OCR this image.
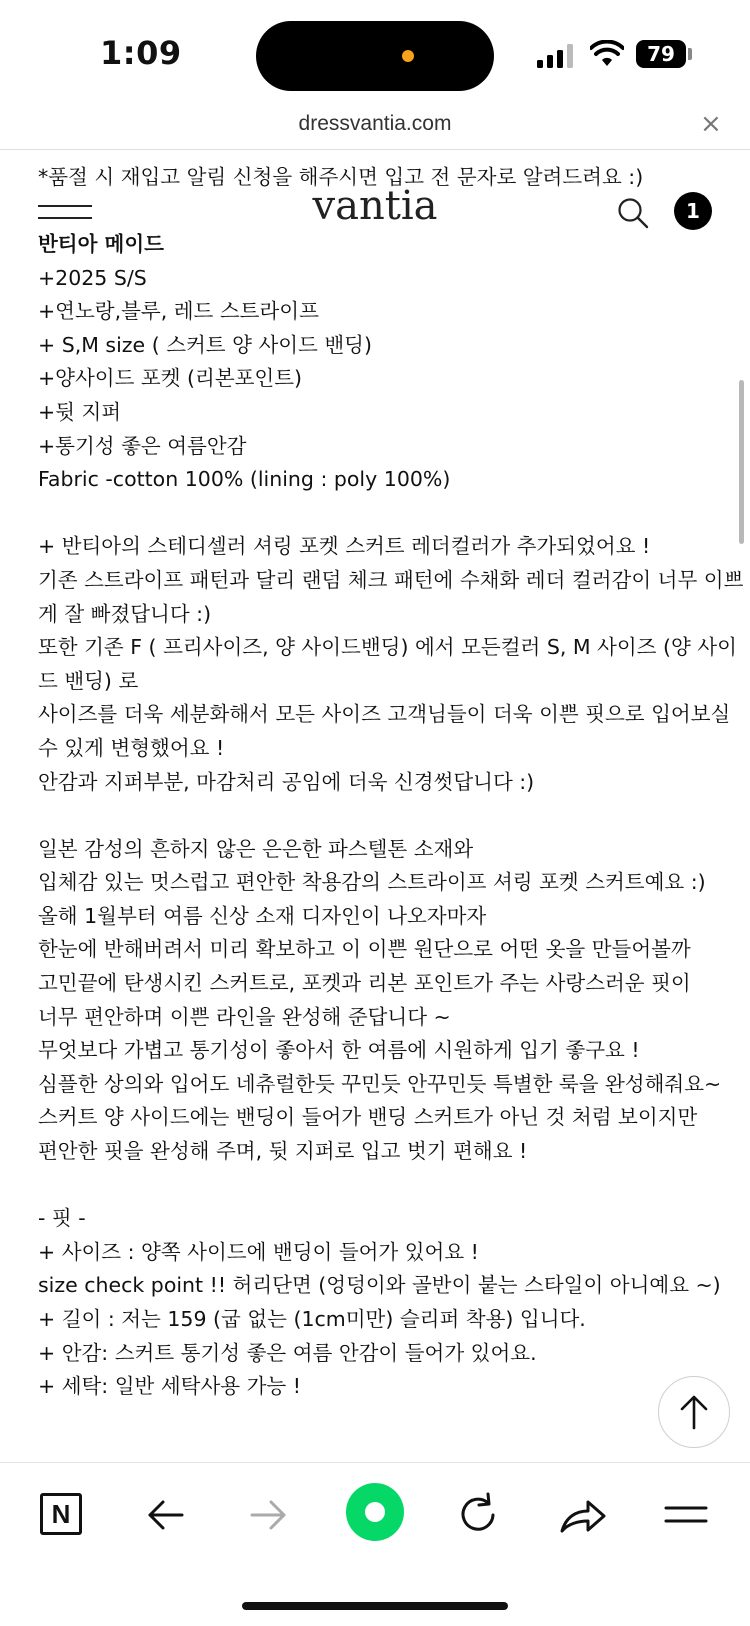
1:09	79
dressvantia.com	×
*품절 시 재입고 알림 신청을 해주시면 입고 전 문자로 알려드려요 :)
반티아 메이드
+2025 S/S
+연노랑,블루, 레드 스트라이프
+ S,M size ( 스커트 양 사이드 밴딩)
+양사이드 포켓 (리본포인트)
+뒷 지퍼
+통기성 좋은 여름안감
Fabric -cotton 100% (lining : poly 100%)
+ 반티아의 스테디셀러 셔링 포켓 스커트 레더컬러가 추가되었어요 !
기존 스트라이프 패턴과 달리 랜덤 체크 패턴에 수채화 레더 컬러감이 너무 이쁘
게 잘 빠졌답니다 :)
또한 기존 F ( 프리사이즈, 양 사이드밴딩) 에서 모든컬러 S, M 사이즈 (양 사이
드 밴딩) 로
사이즈를 더욱 세분화해서 모든 사이즈 고객님들이 더욱 이쁜 핏으로 입어보실
수 있게 변형했어요 !
안감과 지퍼부분, 마감처리 공임에 더욱 신경썻답니다 :)
일본 감성의 흔하지 않은 은은한 파스텔톤 소재와
입체감 있는 멋스럽고 편안한 착용감의 스트라이프 셔링 포켓 스커트예요 :)
올해 1월부터 여름 신상 소재 디자인이 나오자마자
한눈에 반해버려서 미리 확보하고 이 이쁜 원단으로 어떤 옷을 만들어볼까
고민끝에 탄생시킨 스커트로, 포켓과 리본 포인트가 주는 사랑스러운 핏이
너무 편안하며 이쁜 라인을 완성해 준답니다 ~
무엇보다 가볍고 통기성이 좋아서 한 여름에 시원하게 입기 좋구요 !
심플한 상의와 입어도 네츄럴한듯 꾸민듯 안꾸민듯 특별한 룩을 완성해줘요~
스커트 양 사이드에는 밴딩이 들어가 밴딩 스커트가 아닌 것 처럼 보이지만
편안한 핏을 완성해 주며, 뒷 지퍼로 입고 벗기 편해요 !
- 핏 -
+ 사이즈 : 양쪽 사이드에 밴딩이 들어가 있어요 !
size check point !! 허리단면 (엉덩이와 골반이 붙는 스타일이 아니예요 ~)
+ 길이 : 저는 159 (굽 없는 (1cm미만) 슬리퍼 착용) 입니다.
+ 안감: 스커트 통기성 좋은 여름 안감이 들어가 있어요.
+ 세탁: 일반 세탁사용 가능 !
vantia	1
N
